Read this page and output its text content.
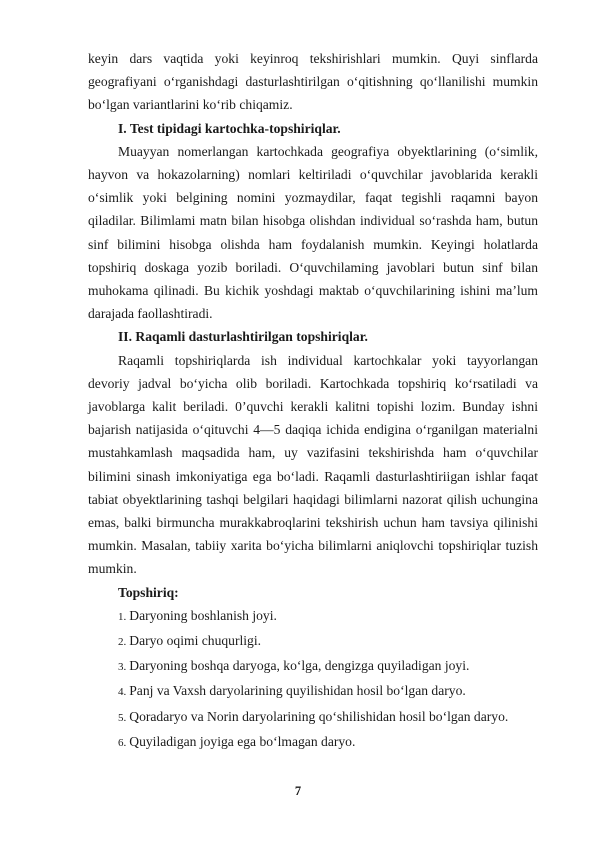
keyin dars vaqtida yoki keyinroq tekshirishlari mumkin. Quyi sinflarda geografiyani o‘rganishdagi dasturlashtirilgan o‘qitishning qo‘llanilishi mumkin bo‘lgan variantlarini ko‘rib chiqamiz.

I. Test tipidagi kartochka-topshiriqlar.

Muayyan nomerlangan kartochkada geografiya obyektlarining (o‘simlik, hayvon va hokazolarning) nomlari keltiriladi o‘quvchilar javoblarida kerakli o‘simlik yoki belgining nomini yozmaydilar, faqat tegishli raqamni bayon qiladilar. Bilimlami matn bilan hisobga olishdan individual so‘rashda ham, butun sinf bilimini hisobga olishda ham foydalanish mumkin. Keyingi holatlarda topshiriq doskaga yozib boriladi. O‘quvchilaming javoblari butun sinf bilan muhokama qilinadi. Bu kichik yoshdagi maktab o‘quvchilarining ishini ma’lum darajada faollashtiradi.

II. Raqamli dasturlashtirilgan topshiriqlar.

Raqamli topshiriqlarda ish individual kartochkalar yoki tayyorlangan devoriy jadval bo‘yicha olib boriladi. Kartochkada topshiriq ko‘rsatiladi va javoblarga kalit beriladi. 0’quvchi kerakli kalitni topishi lozim. Bunday ishni bajarish natijasida o‘qituvchi 4—5 daqiqa ichida endigina o‘rganilgan materialni mustahkamlash maqsadida ham, uy vazifasini tekshirishda ham o‘quvchilar bilimini sinash imkoniyatiga ega bo‘ladi. Raqamli dasturlashtiriigan ishlar faqat tabiat obyektlarining tashqi belgilari haqidagi bilimlarni nazorat qilish uchungina emas, balki birmuncha murakkabroqlarini tekshirish uchun ham tavsiya qilinishi mumkin. Masalan, tabiiy xarita bo‘yicha bilimlarni aniqlovchi topshiriqlar tuzish mumkin.

Topshiriq:

1. Daryoning boshlanish joyi.
2. Daryo oqimi chuqurligi.
3. Daryoning boshqa daryoga, ko‘lga, dengizga quyiladigan joyi.
4. Panj va Vaxsh daryolarining quyilishidan hosil bo‘lgan daryo.
5. Qoradaryo va Norin daryolarining qo‘shilishidan hosil bo‘lgan daryo.
6. Quyiladigan joyiga ega bo‘lmagan daryo.
7
